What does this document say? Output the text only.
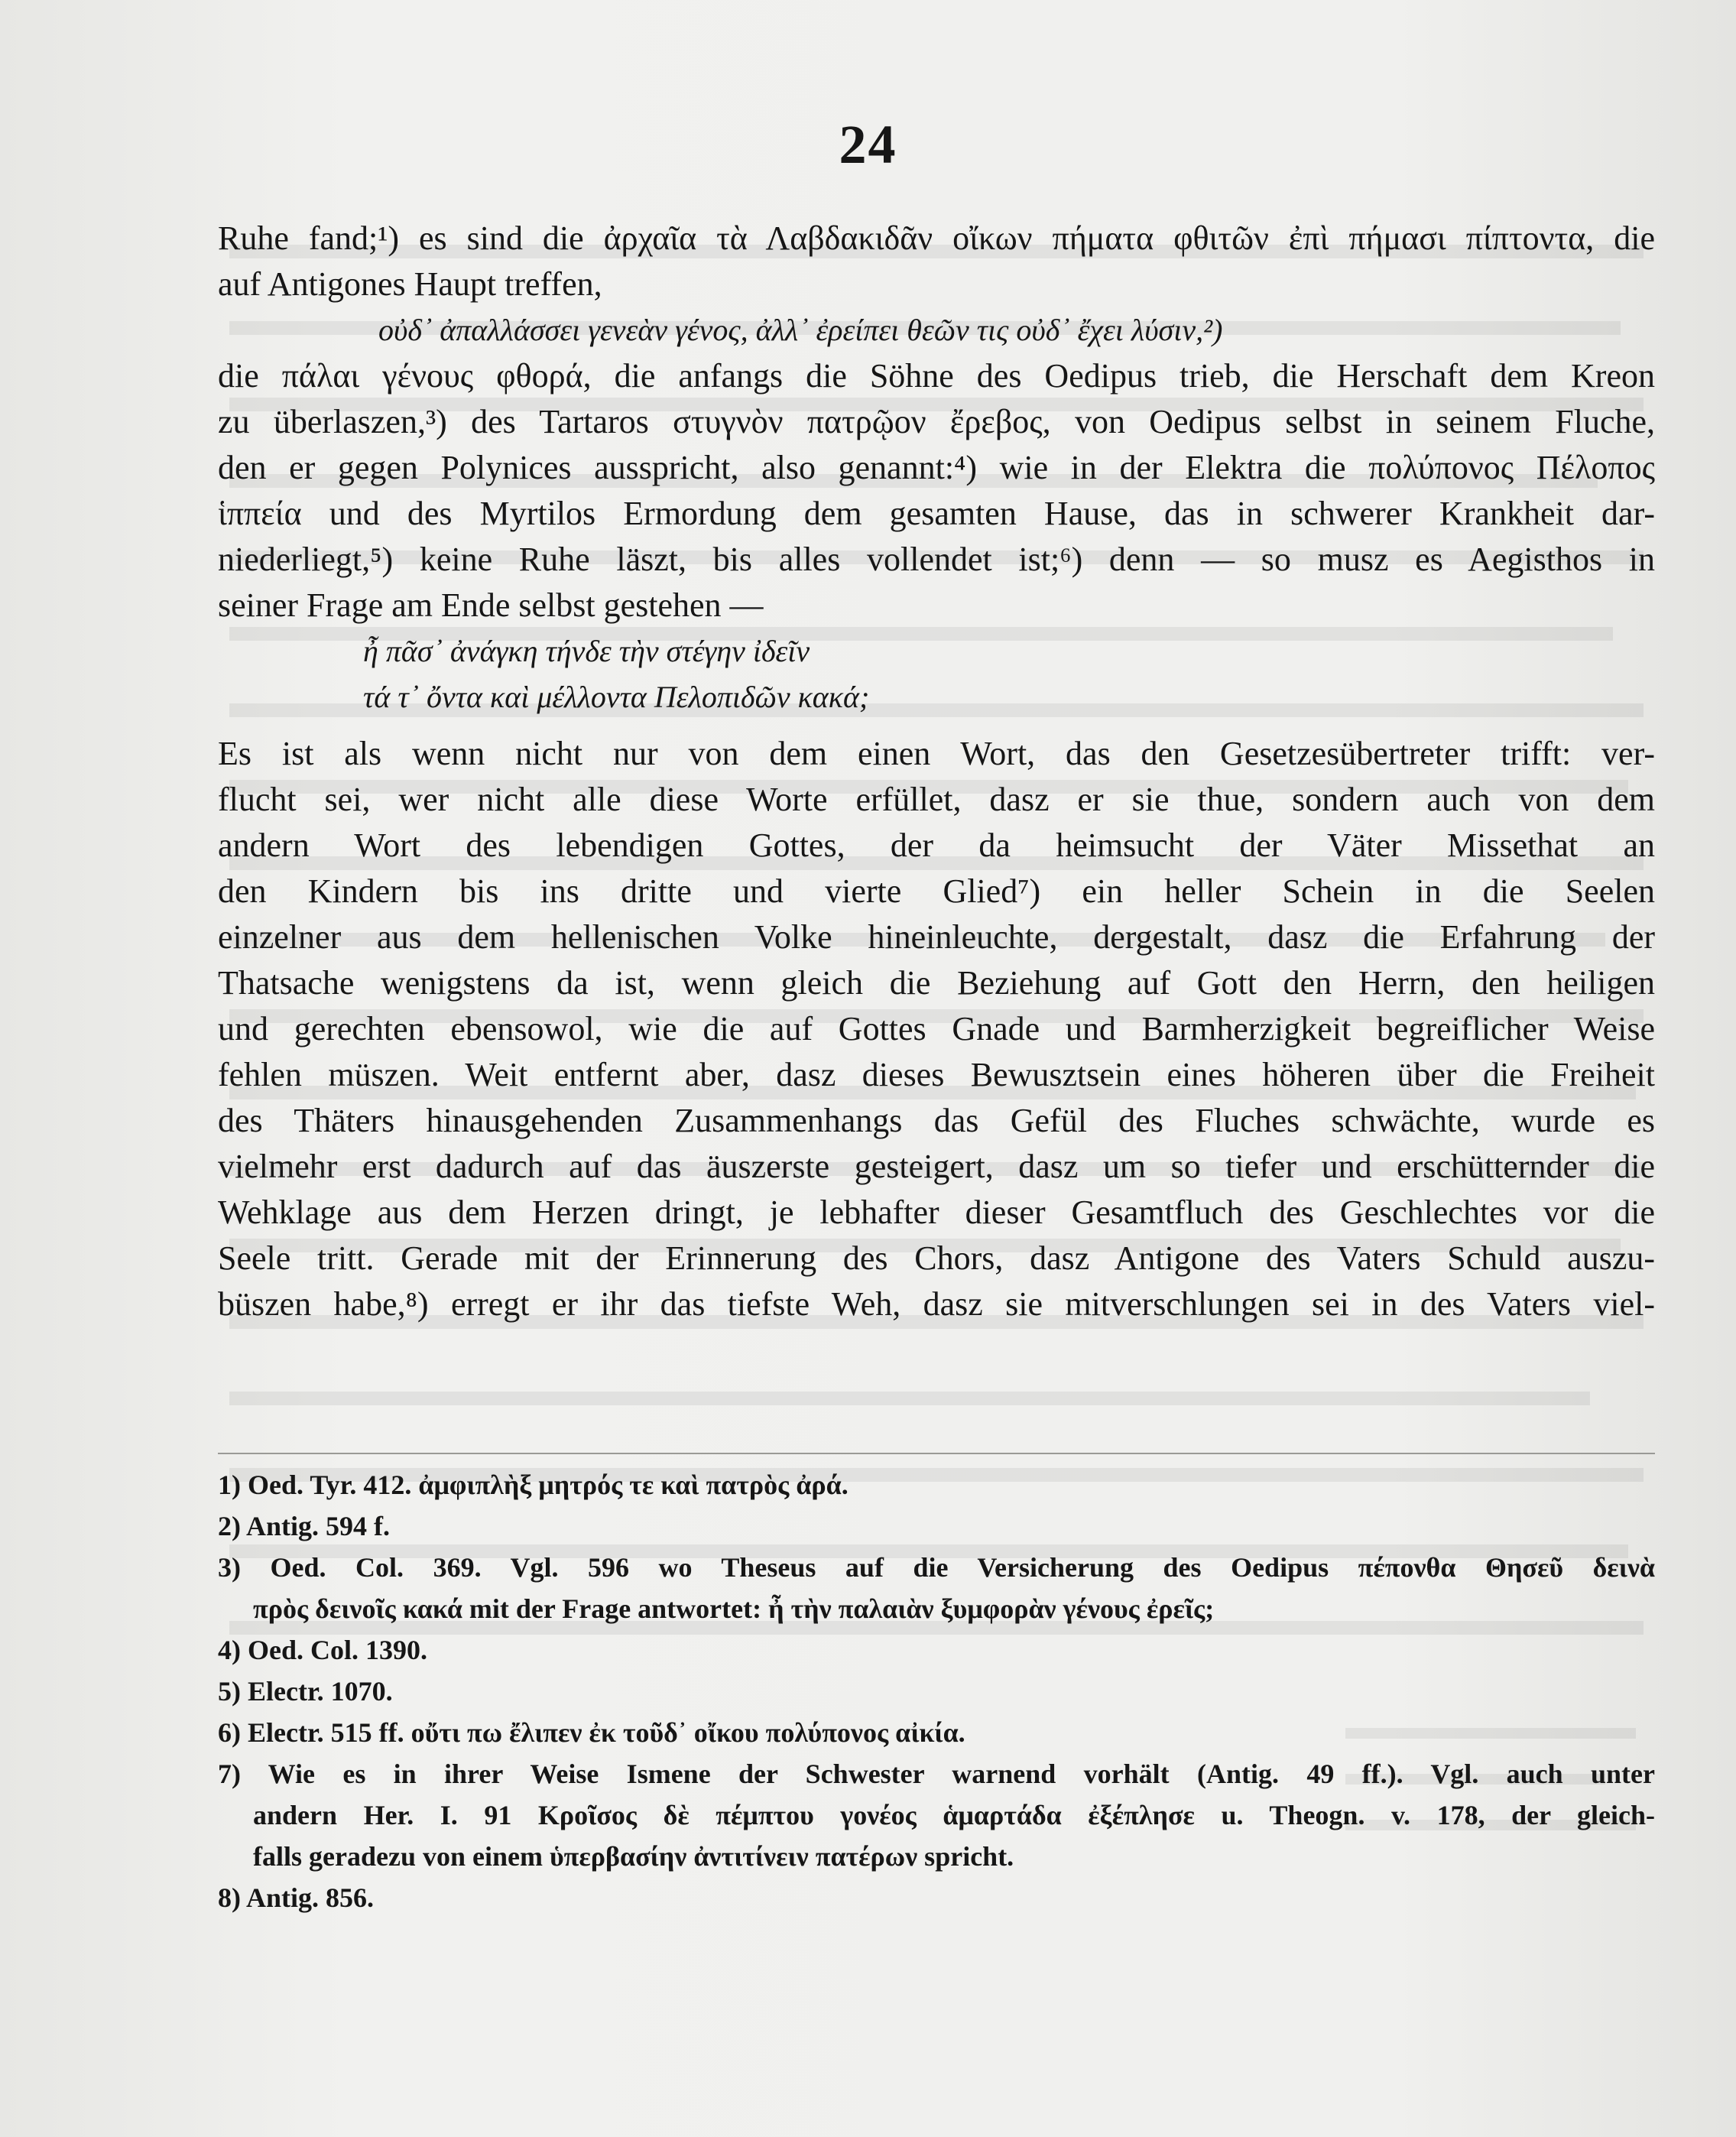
24
Ruhe fand;¹) es sind die ἀρχαῖα τὰ Λαβδακιδᾶν οἴκων πήματα φθιτῶν ἐπὶ πήμασι πίπτοντα, die
auf Antigones Haupt treffen,
οὐδ᾽ ἀπαλλάσσει γενεὰν γένος, ἀλλ᾽ ἐρείπει θεῶν τις οὐδ᾽ ἔχει λύσιν,²)
die πάλαι γένους φθορά, die anfangs die Söhne des Oedipus trieb, die Herschaft dem Kreon
zu überlaszen,³) des Tartaros στυγνὸν πατρῷον ἔρεβος, von Oedipus selbst in seinem Fluche,
den er gegen Polynices ausspricht, also genannt:⁴) wie in der Elektra die πολύπονος Πέλοπος
ἱππεία und des Myrtilos Ermordung dem gesamten Hause, das in schwerer Krankheit dar-
niederliegt,⁵) keine Ruhe läszt, bis alles vollendet ist;⁶) denn — so musz es Aegisthos in
seiner Frage am Ende selbst gestehen —
ἦ πᾶσ᾽ ἀνάγκη τήνδε τὴν στέγην ἰδεῖν
τά τ᾽ ὄντα καὶ μέλλοντα Πελοπιδῶν κακά;
Es ist als wenn nicht nur von dem einen Wort, das den Gesetzesübertreter trifft: ver-
flucht sei, wer nicht alle diese Worte erfüllet, dasz er sie thue, sondern auch von dem
andern Wort des lebendigen Gottes, der da heimsucht der Väter Missethat an
den Kindern bis ins dritte und vierte Glied⁷) ein heller Schein in die Seelen
einzelner aus dem hellenischen Volke hineinleuchte, dergestalt, dasz die Erfahrung der
Thatsache wenigstens da ist, wenn gleich die Beziehung auf Gott den Herrn, den heiligen
und gerechten ebensowol, wie die auf Gottes Gnade und Barmherzigkeit begreiflicher Weise
fehlen müszen. Weit entfernt aber, dasz dieses Bewusztsein eines höheren über die Freiheit
des Thäters hinausgehenden Zusammenhangs das Gefül des Fluches schwächte, wurde es
vielmehr erst dadurch auf das äuszerste gesteigert, dasz um so tiefer und erschütternder die
Wehklage aus dem Herzen dringt, je lebhafter dieser Gesamtfluch des Geschlechtes vor die
Seele tritt. Gerade mit der Erinnerung des Chors, dasz Antigone des Vaters Schuld auszu-
büszen habe,⁸) erregt er ihr das tiefste Weh, dasz sie mitverschlungen sei in des Vaters viel-
1) Oed. Tyr. 412. ἀμφιπλὴξ μητρός τε καὶ πατρὸς ἀρά.
2) Antig. 594 f.
3) Oed. Col. 369. Vgl. 596 wo Theseus auf die Versicherung des Oedipus πέπονθα Θησεῦ δεινὰ
πρὸς δεινοῖς κακά mit der Frage antwortet: ἦ τὴν παλαιὰν ξυμφορὰν γένους ἐρεῖς;
4) Oed. Col. 1390.
5) Electr. 1070.
6) Electr. 515 ff. οὔτι πω ἔλιπεν ἐκ τοῦδ᾽ οἴκου πολύπονος αἰκία.
7) Wie es in ihrer Weise Ismene der Schwester warnend vorhält (Antig. 49 ff.). Vgl. auch unter
andern Her. I. 91 Κροῖσος δὲ πέμπτου γονέος ἁμαρτάδα ἐξέπλησε u. Theogn. v. 178, der gleich-
falls geradezu von einem ὑπερβασίην ἀντιτίνειν πατέρων spricht.
8) Antig. 856.
